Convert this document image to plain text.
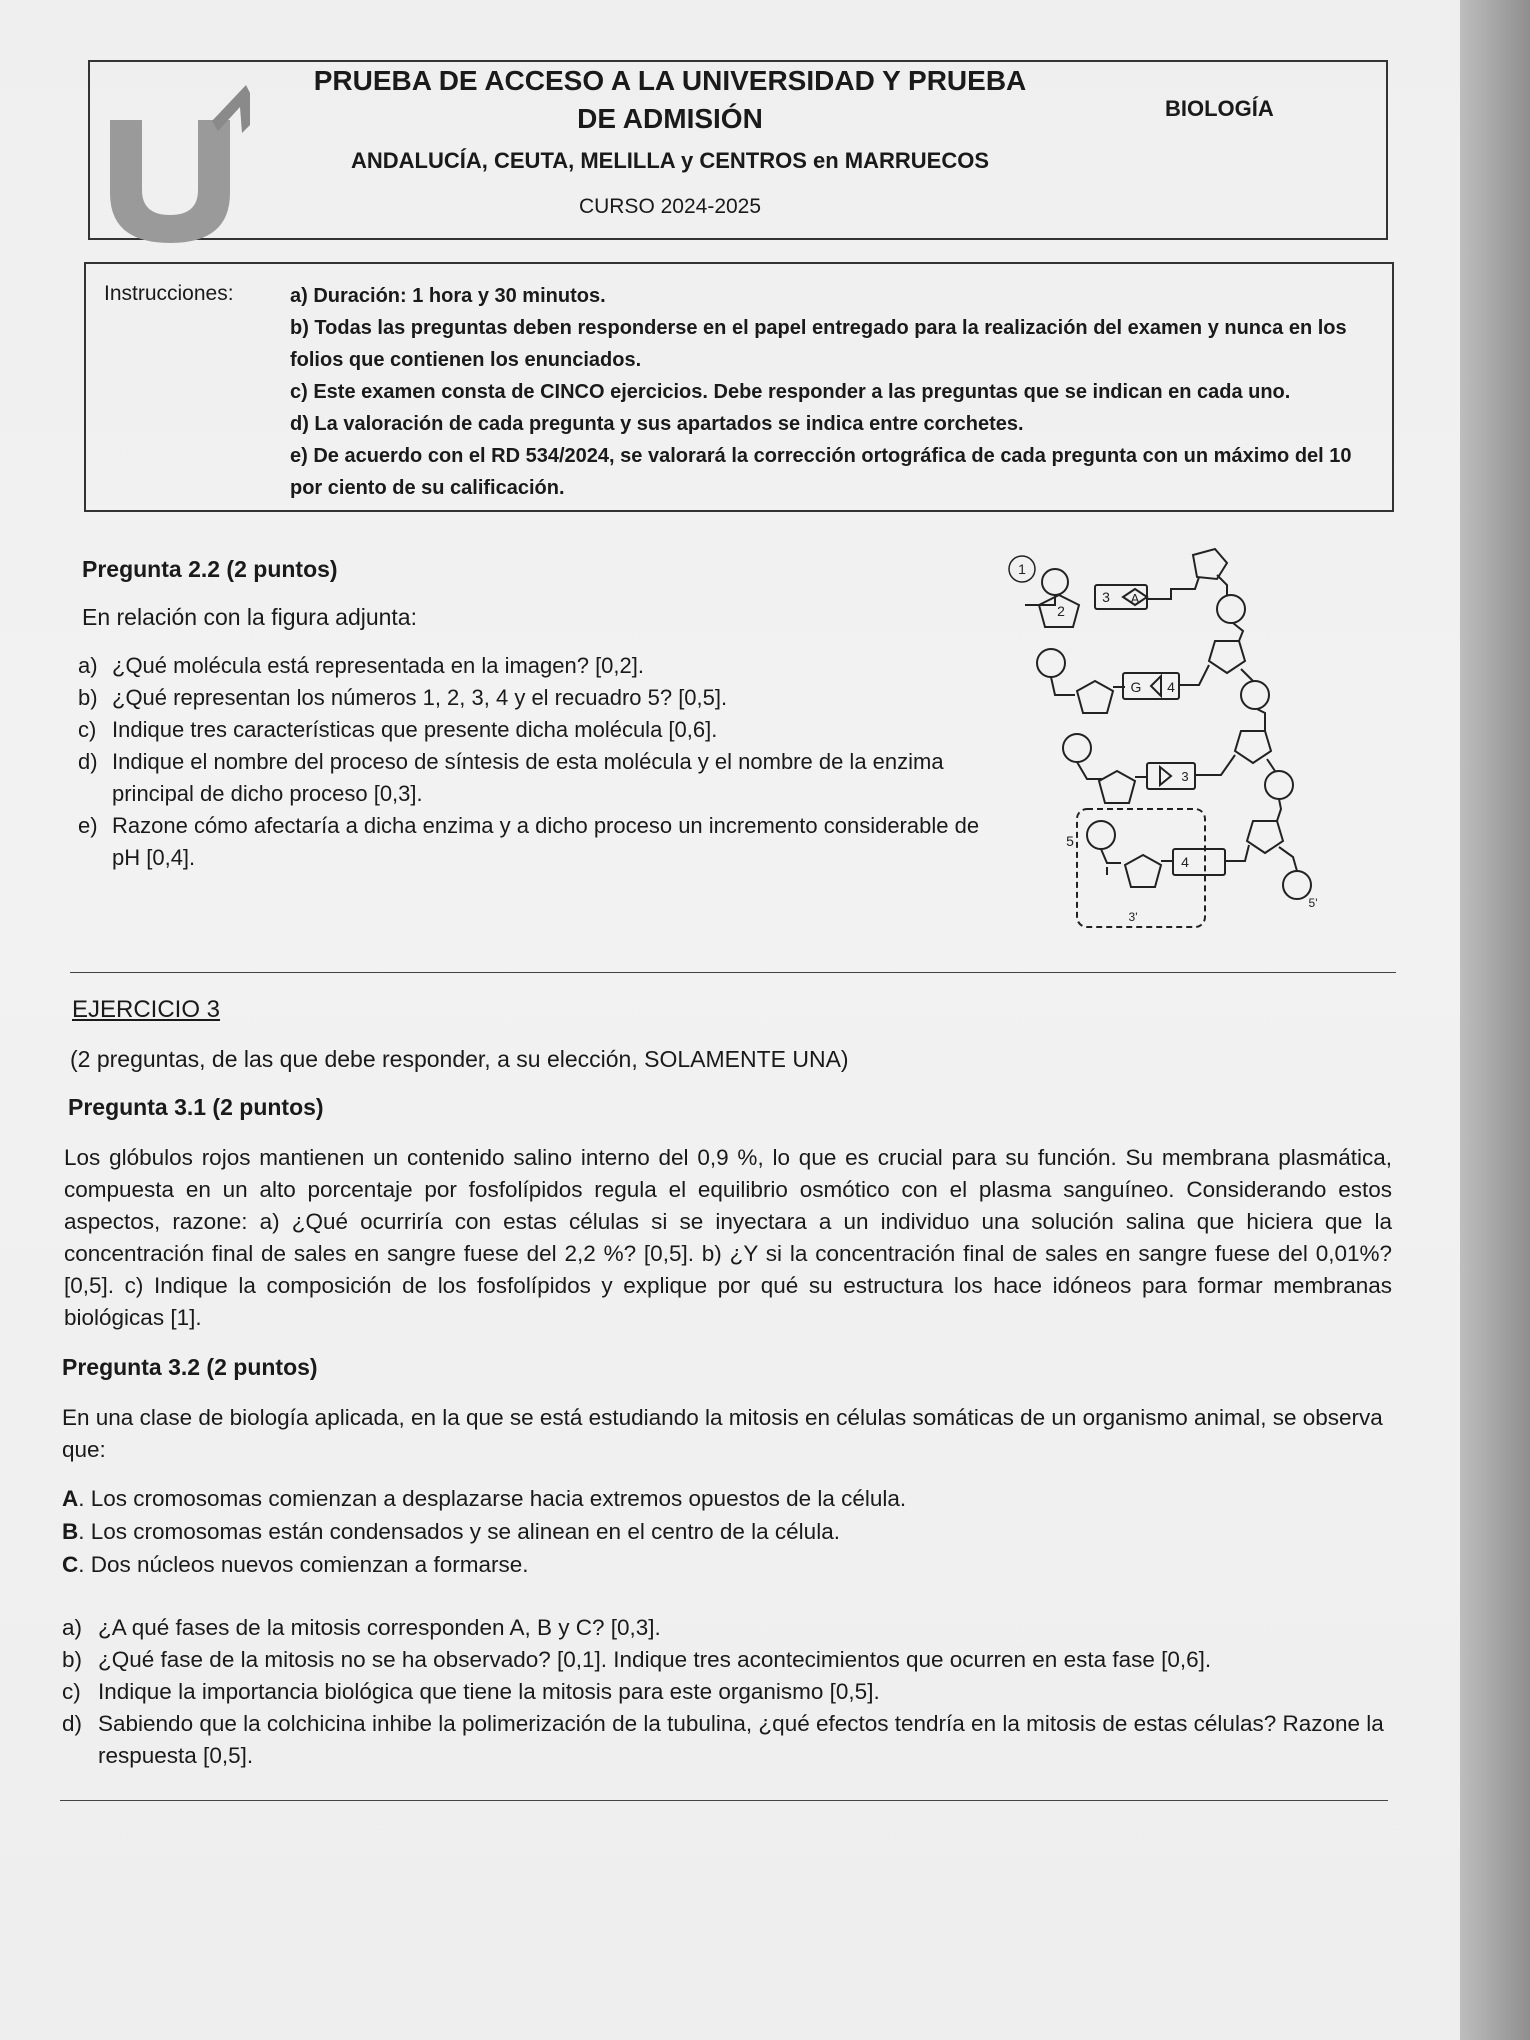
PRUEBA DE ACCESO A LA UNIVERSIDAD Y PRUEBA DE ADMISIÓN
ANDALUCÍA, CEUTA, MELILLA y CENTROS en MARRUECOS
CURSO 2024-2025
BIOLOGÍA
Instrucciones:	a) Duración: 1 hora y 30 minutos.
b) Todas las preguntas deben responderse en el papel entregado para la realización del examen y nunca en los folios que contienen los enunciados.
c) Este examen consta de CINCO ejercicios. Debe responder a las preguntas que se indican en cada uno.
d) La valoración de cada pregunta y sus apartados se indica entre corchetes.
e) De acuerdo con el RD 534/2024, se valorará la corrección ortográfica de cada pregunta con un máximo del 10 por ciento de su calificación.
Pregunta 2.2 (2 puntos)
En relación con la figura adjunta:
a) ¿Qué molécula está representada en la imagen? [0,2].
b) ¿Qué representan los números 1, 2, 3, 4 y el recuadro 5? [0,5].
c) Indique tres características que presente dicha molécula [0,6].
d) Indique el nombre del proceso de síntesis de esta molécula y el nombre de la enzima principal de dicho proceso [0,3].
e) Razone cómo afectaría a dicha enzima y a dicho proceso un incremento considerable de pH [0,4].
1
2
3 A
G 4
3
5
4
3'
5'
EJERCICIO 3
(2 preguntas, de las que debe responder, a su elección, SOLAMENTE UNA)
Pregunta 3.1 (2 puntos)
Los glóbulos rojos mantienen un contenido salino interno del 0,9 %, lo que es crucial para su función. Su membrana plasmática, compuesta en un alto porcentaje por fosfolípidos regula el equilibrio osmótico con el plasma sanguíneo. Considerando estos aspectos, razone: a) ¿Qué ocurriría con estas células si se inyectara a un individuo una solución salina que hiciera que la concentración final de sales en sangre fuese del 2,2 %? [0,5]. b) ¿Y si la concentración final de sales en sangre fuese del 0,01%? [0,5]. c) Indique la composición de los fosfolípidos y explique por qué su estructura los hace idóneos para formar membranas biológicas [1].
Pregunta 3.2 (2 puntos)
En una clase de biología aplicada, en la que se está estudiando la mitosis en células somáticas de un organismo animal, se observa que:
A. Los cromosomas comienzan a desplazarse hacia extremos opuestos de la célula.
B. Los cromosomas están condensados y se alinean en el centro de la célula.
C. Dos núcleos nuevos comienzan a formarse.
a) ¿A qué fases de la mitosis corresponden A, B y C? [0,3].
b) ¿Qué fase de la mitosis no se ha observado? [0,1]. Indique tres acontecimientos que ocurren en esta fase [0,6].
c) Indique la importancia biológica que tiene la mitosis para este organismo [0,5].
d) Sabiendo que la colchicina inhibe la polimerización de la tubulina, ¿qué efectos tendría en la mitosis de estas células? Razone la respuesta [0,5].
